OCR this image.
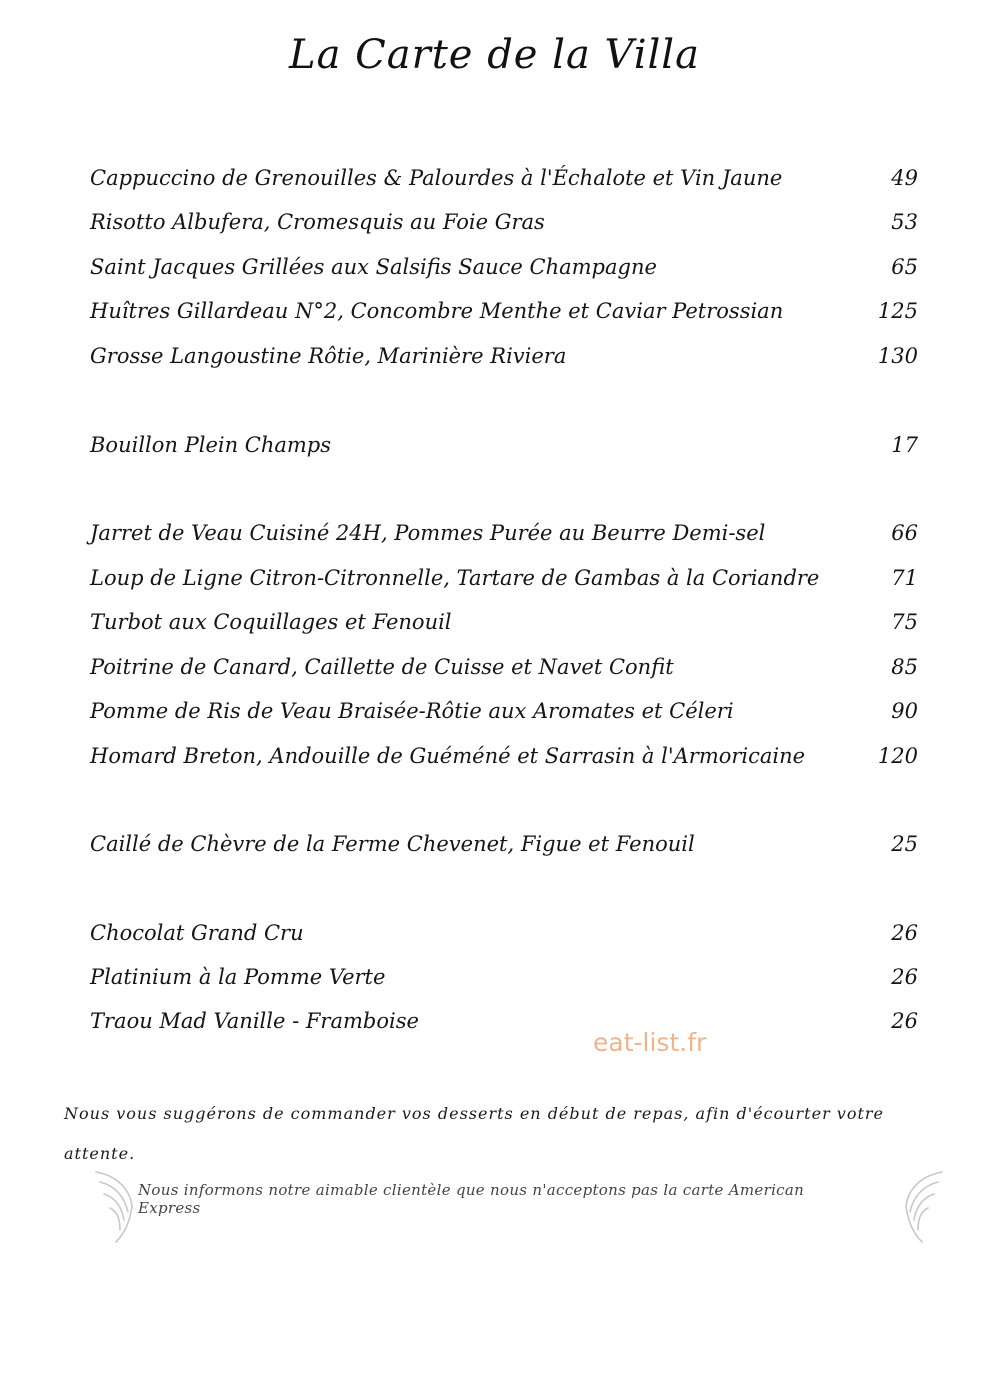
La Carte de la Villa
Cappuccino de Grenouilles & Palourdes à l'Échalote et Vin Jaune	49
Risotto Albufera, Cromesquis au Foie Gras	53
Saint Jacques Grillées aux Salsifis Sauce Champagne	65
Huîtres Gillardeau N°2, Concombre Menthe et Caviar Petrossian	125
Grosse Langoustine Rôtie, Marinière Riviera	130
Bouillon Plein Champs	17
Jarret de Veau Cuisiné 24H, Pommes Purée au Beurre Demi-sel	66
Loup de Ligne Citron-Citronnelle, Tartare de Gambas à la Coriandre	71
Turbot aux Coquillages et Fenouil	75
Poitrine de Canard, Caillette de Cuisse et Navet Confit	85
Pomme de Ris de Veau Braisée-Rôtie aux Aromates et Céleri	90
Homard Breton, Andouille de Guéméné et Sarrasin à l'Armoricaine	120
Caillé de Chèvre de la Ferme Chevenet, Figue et Fenouil	25
Chocolat Grand Cru	26
Platinium à la Pomme Verte	26
Traou Mad Vanille - Framboise	26
eat-list.fr
Nous vous suggérons de commander vos desserts en début de repas, afin d'écourter votre attente.
Nous informons notre aimable clientèle que nous n'acceptons pas la carte American Express
